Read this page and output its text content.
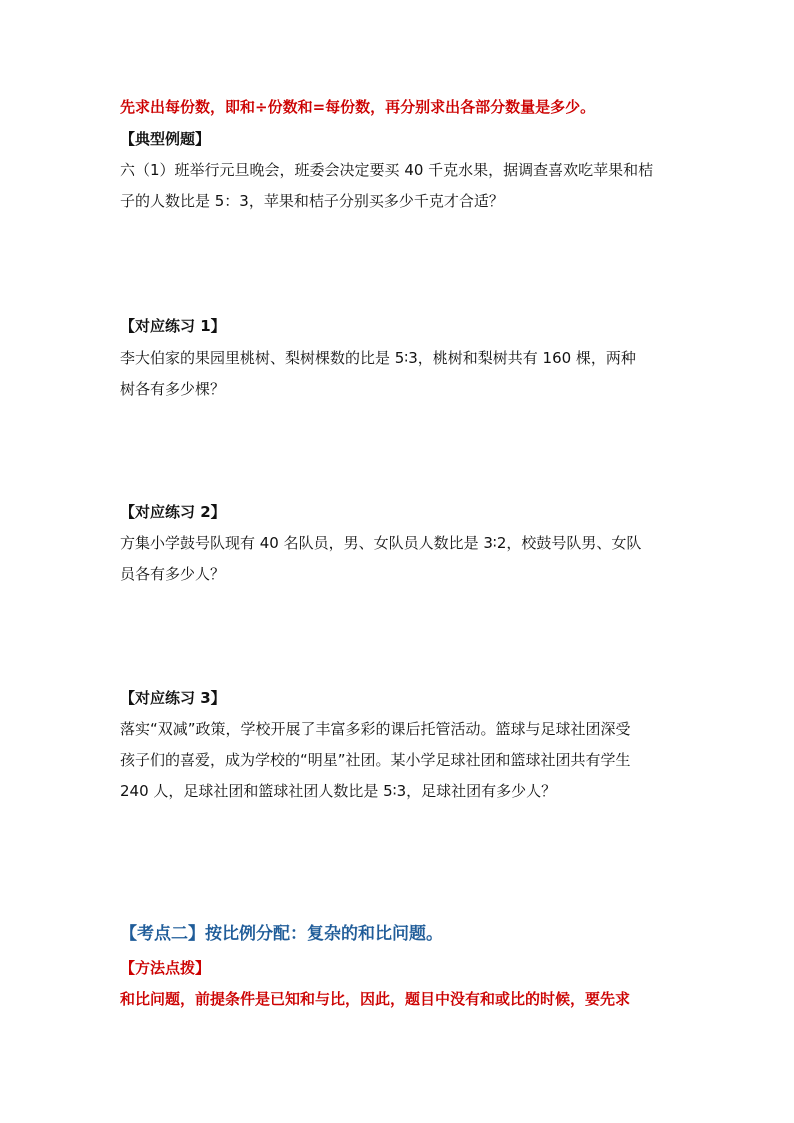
先求出每份数，即和÷份数和=每份数，再分别求出各部分数量是多少。

【典型例题】

六（1）班举行元旦晚会，班委会决定要买 40 千克水果，据调查喜欢吃苹果和桔

子的人数比是 5：3，苹果和桔子分别买多少千克才合适？

【对应练习 1】

李大伯家的果园里桃树、梨树棵数的比是 5∶3，桃树和梨树共有 160 棵，两种

树各有多少棵？

【对应练习 2】

方集小学鼓号队现有 40 名队员，男、女队员人数比是 3∶2，校鼓号队男、女队

员各有多少人？

【对应练习 3】

落实“双减”政策，学校开展了丰富多彩的课后托管活动。篮球与足球社团深受

孩子们的喜爱，成为学校的“明星”社团。某小学足球社团和篮球社团共有学生

240 人，足球社团和篮球社团人数比是 5∶3，足球社团有多少人？

【考点二】按比例分配：复杂的和比问题。

【方法点拨】

和比问题，前提条件是已知和与比，因此，题目中没有和或比的时候，要先求
